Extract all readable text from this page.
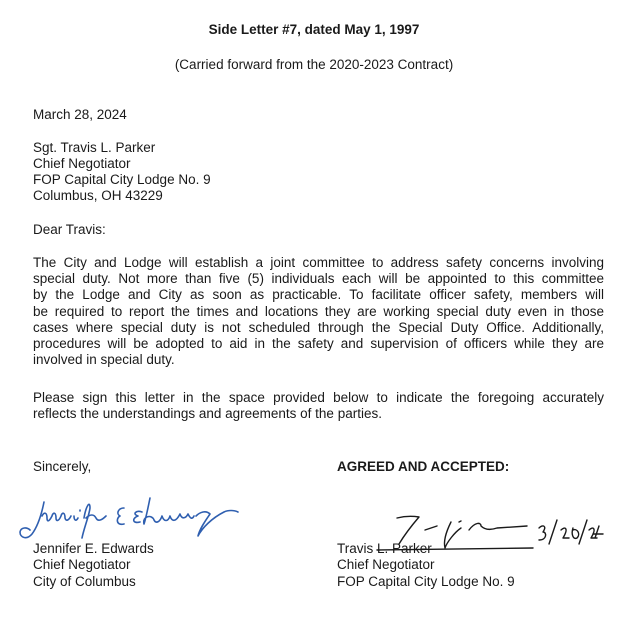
Side Letter #7, dated May 1, 1997
(Carried forward from the 2020-2023 Contract)
March 28, 2024
Sgt. Travis L. Parker
Chief Negotiator
FOP Capital City Lodge No. 9
Columbus, OH 43229
Dear Travis:
The City and Lodge will establish a joint committee to address safety concerns involving
special duty. Not more than five (5) individuals each will be appointed to this committee
by the Lodge and City as soon as practicable. To facilitate officer safety, members will
be required to report the times and locations they are working special duty even in those
cases where special duty is not scheduled through the Special Duty Office. Additionally,
procedures will be adopted to aid in the safety and supervision of officers while they are
involved in special duty.
Please sign this letter in the space provided below to indicate the foregoing accurately
reflects the understandings and agreements of the parties.
Sincerely,	AGREED AND ACCEPTED:
Jennifer E. Edwards
Chief Negotiator
City of Columbus
Travis L. Parker
Chief Negotiator
FOP Capital City Lodge No. 9
